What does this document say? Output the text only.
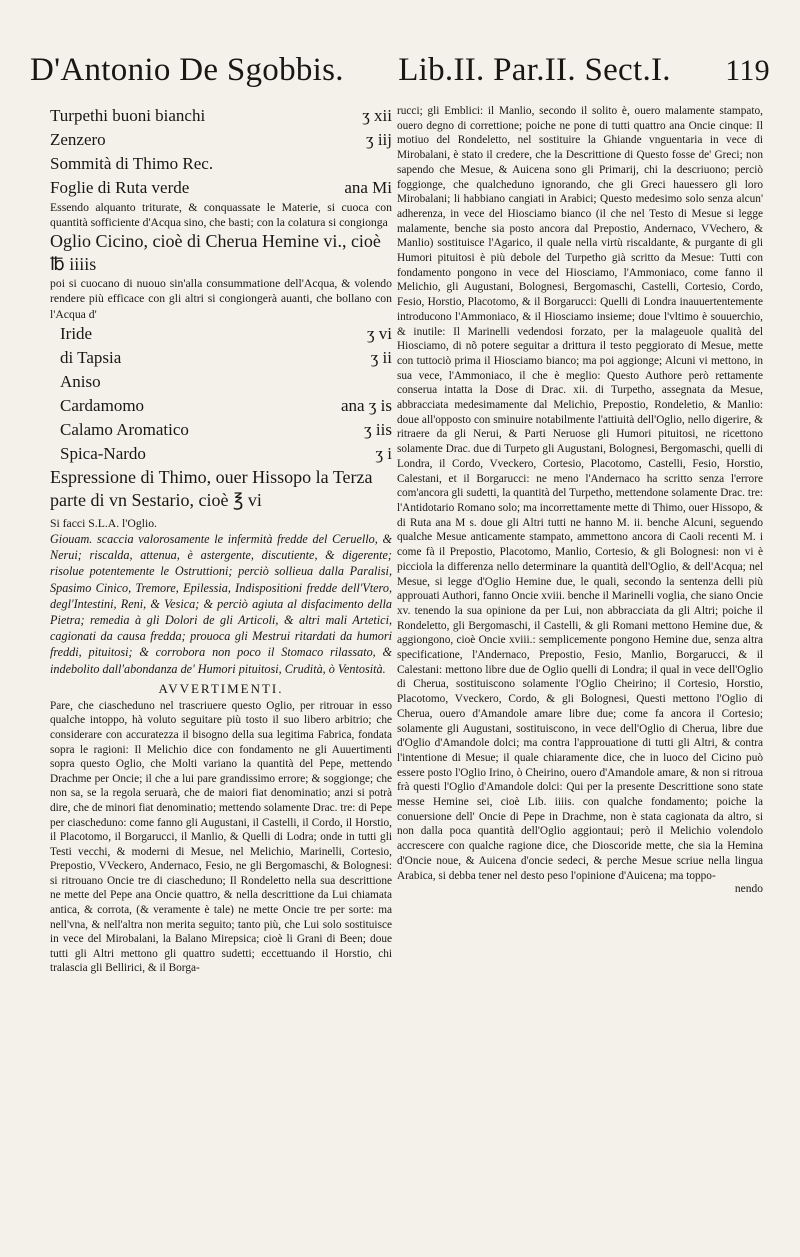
D'Antonio De Sgobbis. Lib.II. Par.II. Sect.I. 119
Turpethi buoni bianchi	ʒ xii
Zenzero	ʒ iij
Sommità di Thimo Rec.
Foglie di Ruta verde	ana Mi

Essendo alquanto triturate, & conquassate le Materie, si cuoca con quantità sofficiente d'Acqua sino, che basti; con la colatura si congionga

Oglio Cicino, cioè di Cherua Hemine vi., cioè ℔ iiiis

poi si cuocano di nuouo sin'alla consummatione dell'Acqua, & volendo rendere più efficace con gli altri si congiongerà auanti, che bollano con l'Acqua d'

Iride	ʒ vi
di Tapsia	ʒ ii
Aniso
Cardamomo	ana ʒ is
Calamo Aromatico	ʒ iis
Spica-Nardo	ʒ i
Espressione di Thimo, ouer Hissopo la Terza parte di vn Sestario, cioè ℥ vi

Si facci S.L.A. l'Oglio.

Giouam. scaccia valorosamente le infermità fredde del Ceruello, & Nerui; riscalda, attenua, è astergente, discutiente, & digerente; risolue potentemente le Ostruttioni; perciò sollieua dalla Paralisi, Spasimo Cinico, Tremore, Epilessia, Indispositioni fredde dell'Vtero, degl'Intestini, Reni, & Vesica; & perciò agiuta al disfacimento della Pietra; remedia à gli Dolori de gli Articoli, & altri mali Artetici, cagionati da causa fredda; prouoca gli Mestrui ritardati da humori freddi, pituitosi; & corrobora non poco il Stomaco rilassato, & indebolito dall'abondanza de' Humori pituitosi, Crudità, ò Ventosità.

AVVERTIMENTI.

Pare, che ciascheduno nel trascriuere questo Oglio, per ritrouar in esso qualche intoppo, hà voluto seguitare più tosto il suo libero arbitrio; che considerare con accuratezza il bisogno della sua legitima Fabrica, fondata sopra le ragioni: Il Melichio dice con fondamento ne gli Auuertimenti sopra questo Oglio, che Molti variano la quantità del Pepe, mettendo Drachme per Oncie; il che a lui pare grandissimo errore; & soggionge; che non sa, se la regola seruarà, che de maiori fiat denominatio; anzi si potrà dire, che de minori fiat denominatio; mettendo solamente Drac. tre: di Pepe per ciascheduno: come fanno gli Augustani, il Castelli, il Cordo, il Horstio, il Placotomo, il Borgarucci, il Manlio, & Quelli di Lodra; onde in tutti gli Testi vecchi, & moderni di Mesue, nel Melichio, Marinelli, Cortesio, Prepostio, VVeckero, Andernaco, Fesio, ne gli Bergomaschi, & Bolognesi: si ritrouano Oncie tre di ciascheduno; Il Rondeletto nella sua descrittione ne mette del Pepe ana Oncie quattro, & nella descrittione da Lui chiamata antica, & corrota, (& veramente è tale) ne mette Oncie tre per sorte: ma nell'vna, & nell'altra non merita seguito; tanto più, che Lui solo sostituisce in vece del Mirobalani, la Balano Mirepsica; cioè li Grani di Been; doue tutti gli Altri mettono gli quattro sudetti; eccettuando il Horstio, chi tralascia gli Bellirici, & il Borga-

rucci; gli Emblici: il Manlio, secondo il solito è, ouero malamente stampato, ouero degno di correttione; poiche ne pone di tutti quattro ana Oncie cinque: Il motiuo del Rondeletto, nel sostituire la Ghiande vnguentaria in vece di Mirobalani, è stato il credere, che la Descrittione di Questo fosse de' Greci; non sapendo che Mesue, & Auicena sono gli Primarij, chi la descriuono; perciò foggionge, che qualcheduno ignorando, che gli Greci hauessero gli loro Mirobalani; li habbiano cangiati in Arabici; Questo medesimo solo senza alcun' adherenza, in vece del Hiosciamo bianco (il che nel Testo di Mesue si legge malamente, benche sia posto ancora dal Prepostio, Andernaco, VVechero, & Manlio) sostituisce l'Agarico, il quale nella virtù riscaldante, & purgante di gli Humori pituitosi è più debole del Turpetho già scritto da Mesue: Tutti con fondamento pongono in vece del Hiosciamo, l'Ammoniaco, come fanno il Melichio, gli Augustani, Bolognesi, Bergomaschi, Castelli, Cortesio, Cordo, Fesio, Horstio, Placotomo, & il Borgarucci: Quelli di Londra inauuertentemente introducono l'Ammoniaco, & il Hiosciamo insieme; doue l'vltimo è souuerchio, & inutile: Il Marinelli vedendosi forzato, per la malageuole qualità del Hiosciamo, di nõ potere seguitar a drittura il testo peggiorato di Mesue, mette con tuttociò prima il Hiosciamo bianco; ma poi aggionge; Alcuni vi mettono, in sua vece, l'Ammoniaco, il che è meglio: Questo Authore però rettamente conserua intatta la Dose di Drac. xii. di Turpetho, assegnata da Mesue, abbracciata medesimamente dal Melichio, Prepostio, Rondeletio, & Manlio: doue all'opposto con sminuire notabilmente l'attiuità dell'Oglio, nello digerire, & ritraere da gli Nerui, & Parti Neruose gli Humori pituitosi, ne ricettono solamente Drac. due di Turpeto gli Augustani, Bolognesi, Bergomaschi, quelli di Londra, il Cordo, Vveckero, Cortesio, Placotomo, Castelli, Fesio, Horstio, Calestani, et il Borgarucci: ne meno l'Andernaco ha scritto senza l'errore com'ancora gli sudetti, la quantità del Turpetho, mettendone solamente Drac. tre: l'Antidotario Romano solo; ma incorrettamente mette di Thimo, ouer Hissopo, & di Ruta ana M s. doue gli Altri tutti ne hanno M. ii. benche Alcuni, seguendo qualche Mesue anticamente stampato, ammettono ancora di Caoli recenti M. i come fà il Prepostio, Placotomo, Manlio, Cortesio, & gli Bolognesi: non vi è picciola la differenza nello determinare la quantità dell'Oglio, & dell'Acqua; nel Mesue, si legge d'Oglio Hemine due, le quali, secondo la sentenza delli più approuati Authori, fanno Oncie xviii. benche il Marinelli voglia, che siano Oncie xv. tenendo la sua opinione da per Lui, non abbracciata da gli Altri; poiche il Rondeletto, gli Bergomaschi, il Castelli, & gli Romani mettono Hemine due, & aggiongono, cioè Oncie xviii.: semplicemente pongono Hemine due, senza altra specificatione, l'Andernaco, Prepostio, Fesio, Manlio, Borgarucci, & il Calestani: mettono libre due de Oglio quelli di Londra; il qual in vece dell'Oglio di Cherua, sostituiscono solamente l'Oglio Cheirino; il Cortesio, Horstio, Placotomo, Vveckero, Cordo, & gli Bolognesi, Questi mettono l'Oglio di Cherua, ouero d'Amandole amare libre due; come fa ancora il Cortesio; solamente gli Augustani, sostituiscono, in vece dell'Oglio di Cherua, libre due d'Oglio d'Amandole dolci; ma contra l'approuatione di tutti gli Altri, & contra l'intentione di Mesue; il quale chiaramente dice, che in luoco del Cicino può essere posto l'Oglio Irino, ò Cheirino, ouero d'Amandole amare, & non si ritroua frà questi l'Oglio d'Amandole dolci: Qui per la presente Descrittione sono state messe Hemine sei, cioè Lib. iiiis. con qualche fondamento; poiche la conuersione dell' Oncie di Pepe in Drachme, non è stata cagionata da altro, si non dalla poca quantità dell'Oglio aggiontaui; però il Melichio volendolo accrescere con qualche ragione dice, che Dioscoride mette, che sia la Hemina d'Oncie noue, & Auicena d'oncie sedeci, & perche Mesue scriue nella lingua Arabica, si debba tener nel desto peso l'opinione d'Auicena; ma toppo-

nendo
